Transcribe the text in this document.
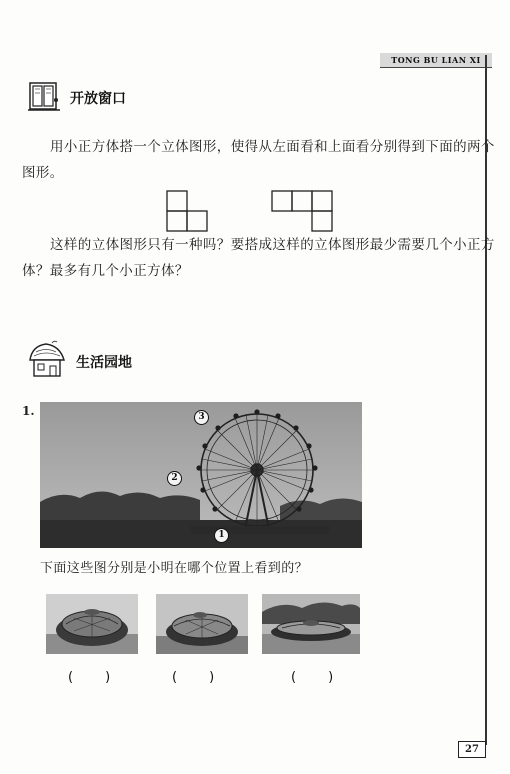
TONG BU LIAN XI
开放窗口
用小正方体搭一个立体图形，使得从左面看和上面看分别得到下面的两个
图形。
这样的立体图形只有一种吗？要搭成这样的立体图形最少需要几个小正方
体？最多有几个小正方体？
生活园地
1.	3
2
1
下面这些图分别是小明在哪个位置上看到的？
(　　)	(　　)	(　　)
27
